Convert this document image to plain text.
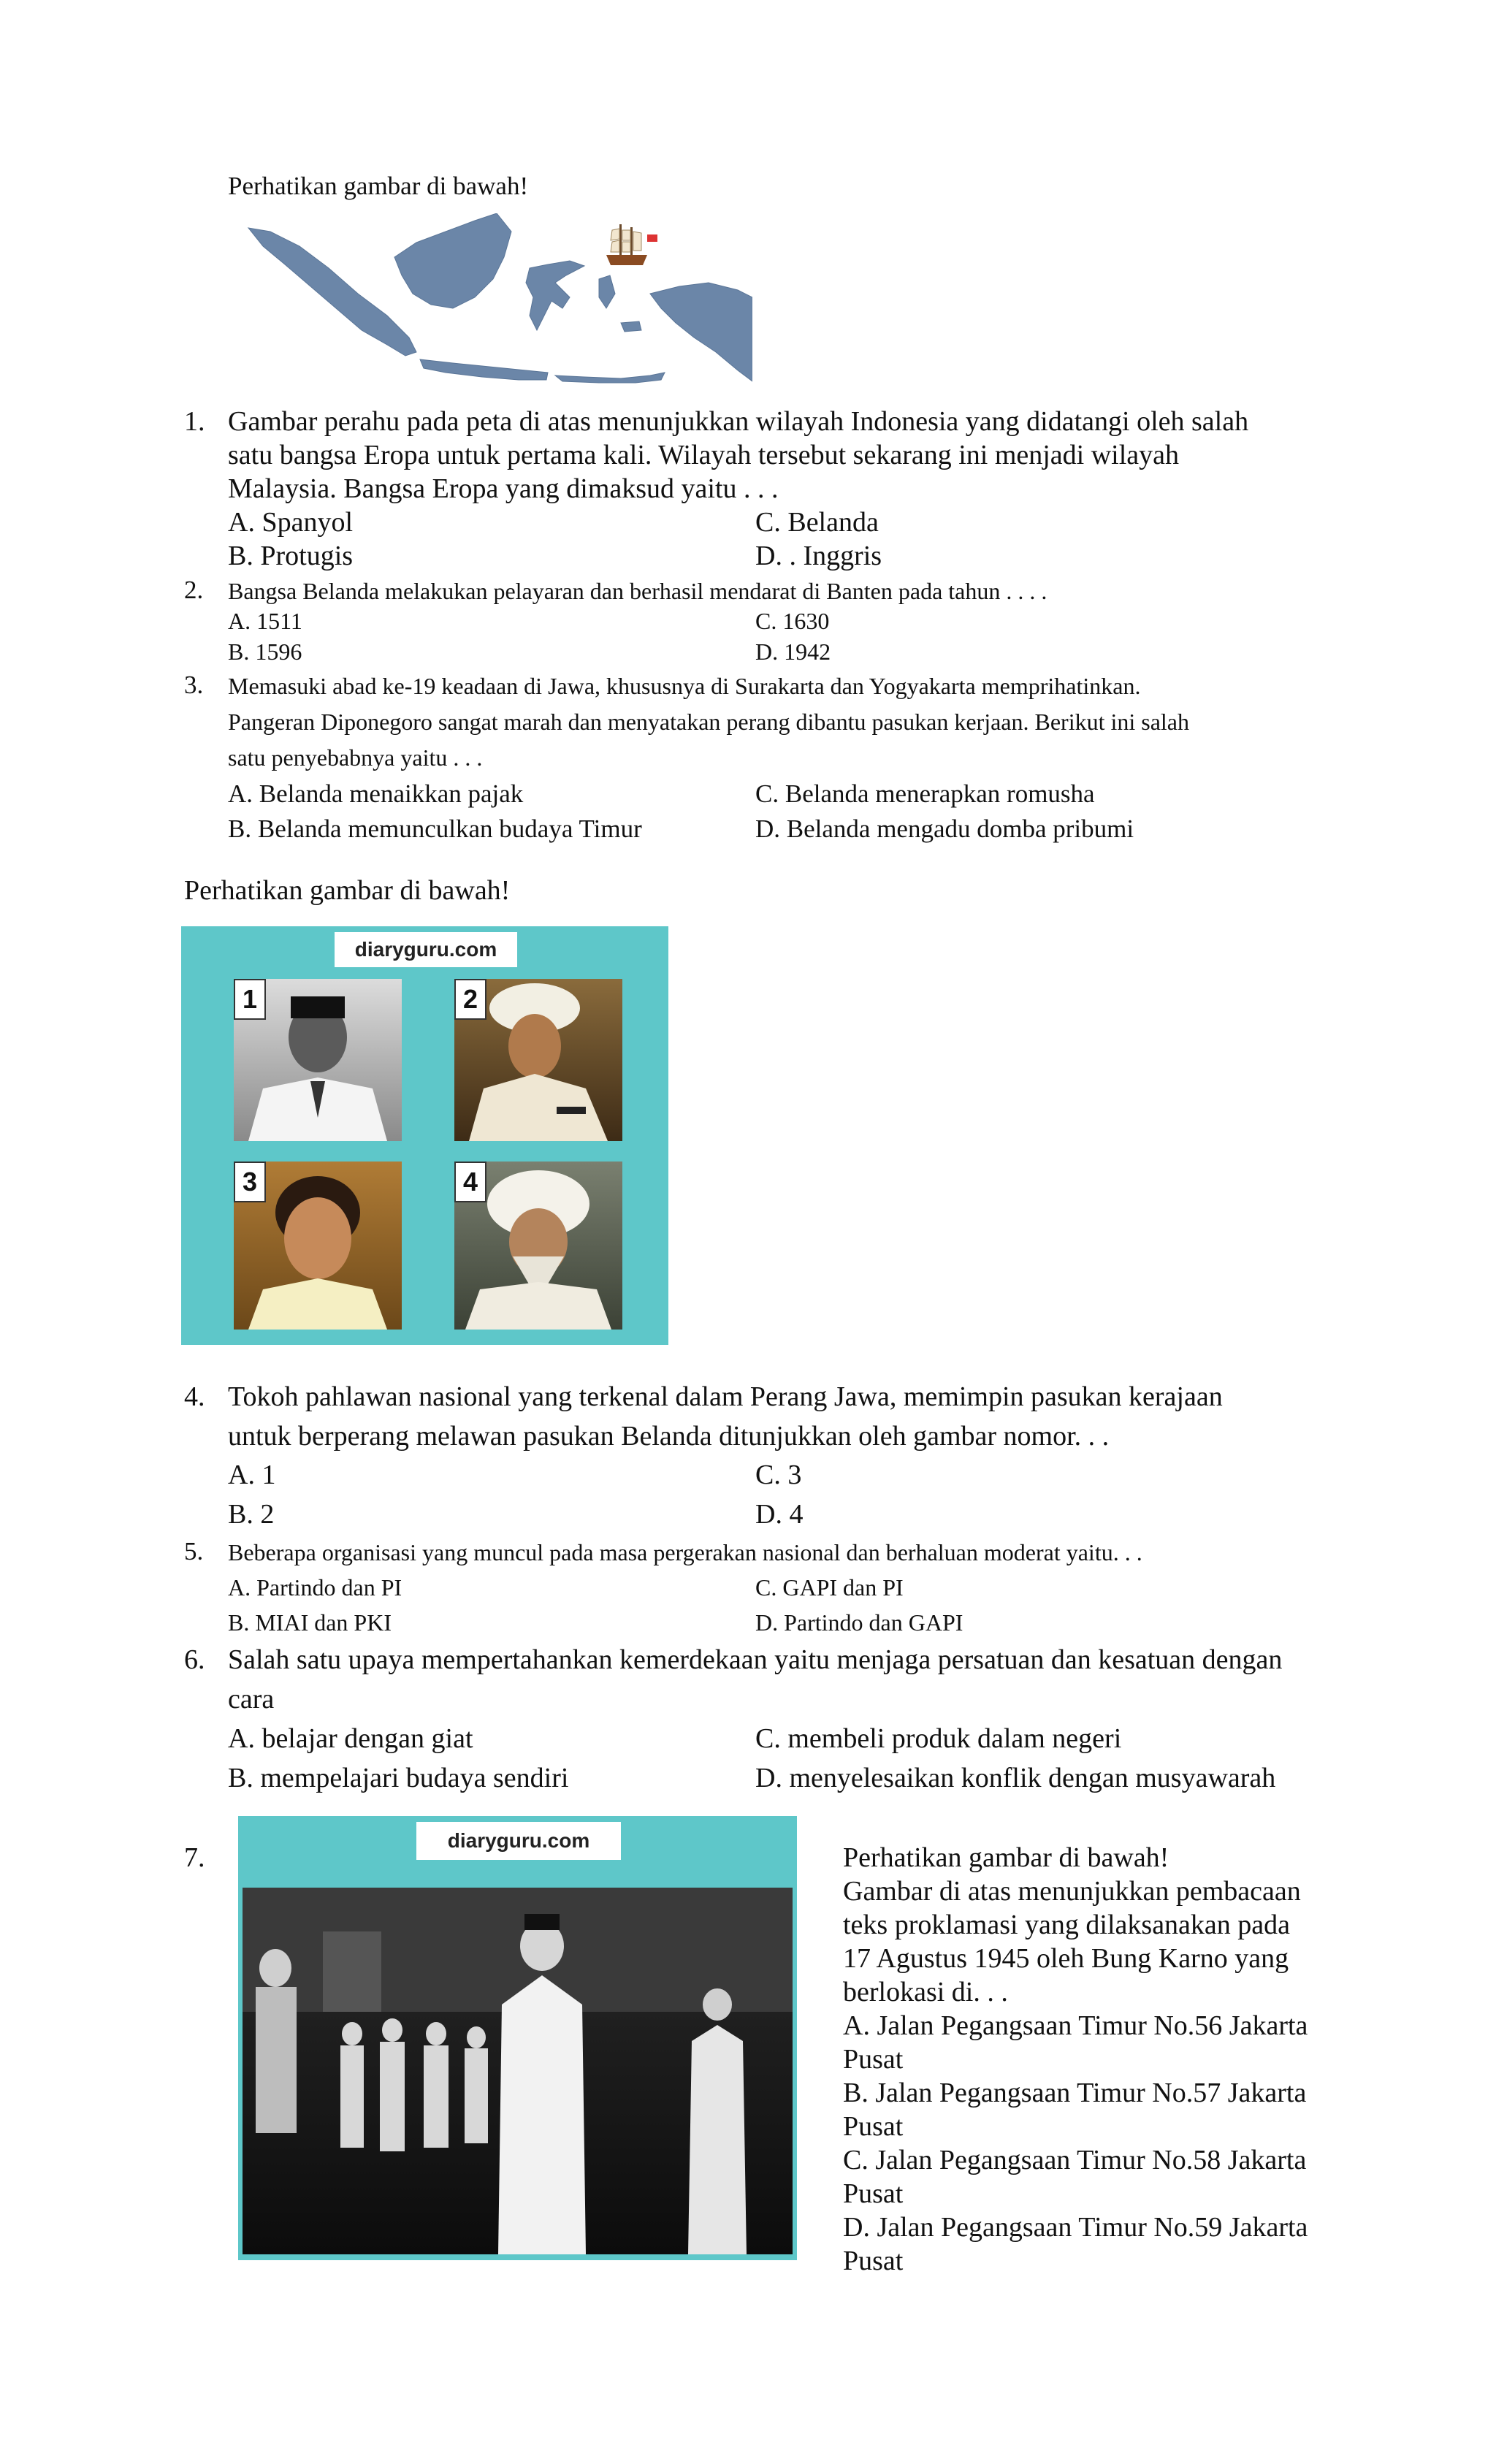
Perhatikan gambar di bawah!
1. Gambar perahu pada peta di atas menunjukkan wilayah Indonesia yang didatangi oleh salah
satu bangsa Eropa untuk pertama kali. Wilayah tersebut sekarang ini menjadi wilayah
Malaysia. Bangsa Eropa yang dimaksud yaitu . . .
A. Spanyol	C. Belanda
B. Protugis	D. . Inggris
2. Bangsa Belanda melakukan pelayaran dan berhasil mendarat di Banten pada tahun . . . .
A. 1511	C. 1630
B. 1596	D. 1942
3. Memasuki abad ke-19 keadaan di Jawa, khususnya di Surakarta dan Yogyakarta memprihatinkan.
Pangeran Diponegoro sangat marah dan menyatakan perang dibantu pasukan kerjaan. Berikut ini salah
satu penyebabnya yaitu . . .
A. Belanda menaikkan pajak	C. Belanda menerapkan romusha
B. Belanda memunculkan budaya Timur	D. Belanda mengadu domba pribumi
Perhatikan gambar di bawah!
diaryguru.com
1	2
3	4
4. Tokoh pahlawan nasional yang terkenal dalam Perang Jawa, memimpin pasukan kerajaan
untuk berperang melawan pasukan Belanda ditunjukkan oleh gambar nomor. . .
A. 1	C. 3
B. 2	D. 4
5. Beberapa organisasi yang muncul pada masa pergerakan nasional dan berhaluan moderat yaitu. . .
A. Partindo dan PI	C. GAPI dan PI
B. MIAI dan PKI	D. Partindo dan GAPI
6. Salah satu upaya mempertahankan kemerdekaan yaitu menjaga persatuan dan kesatuan dengan
cara
A. belajar dengan giat	C. membeli produk dalam negeri
B. mempelajari budaya sendiri	D. menyelesaikan konflik dengan musyawarah
7.
diaryguru.com
Perhatikan gambar di bawah!
Gambar di atas menunjukkan pembacaan
teks proklamasi yang dilaksanakan pada
17 Agustus 1945 oleh Bung Karno yang
berlokasi di. . .
A. Jalan Pegangsaan Timur No.56 Jakarta
Pusat
B. Jalan Pegangsaan Timur No.57 Jakarta
Pusat
C. Jalan Pegangsaan Timur No.58 Jakarta
Pusat
D. Jalan Pegangsaan Timur No.59 Jakarta
Pusat
